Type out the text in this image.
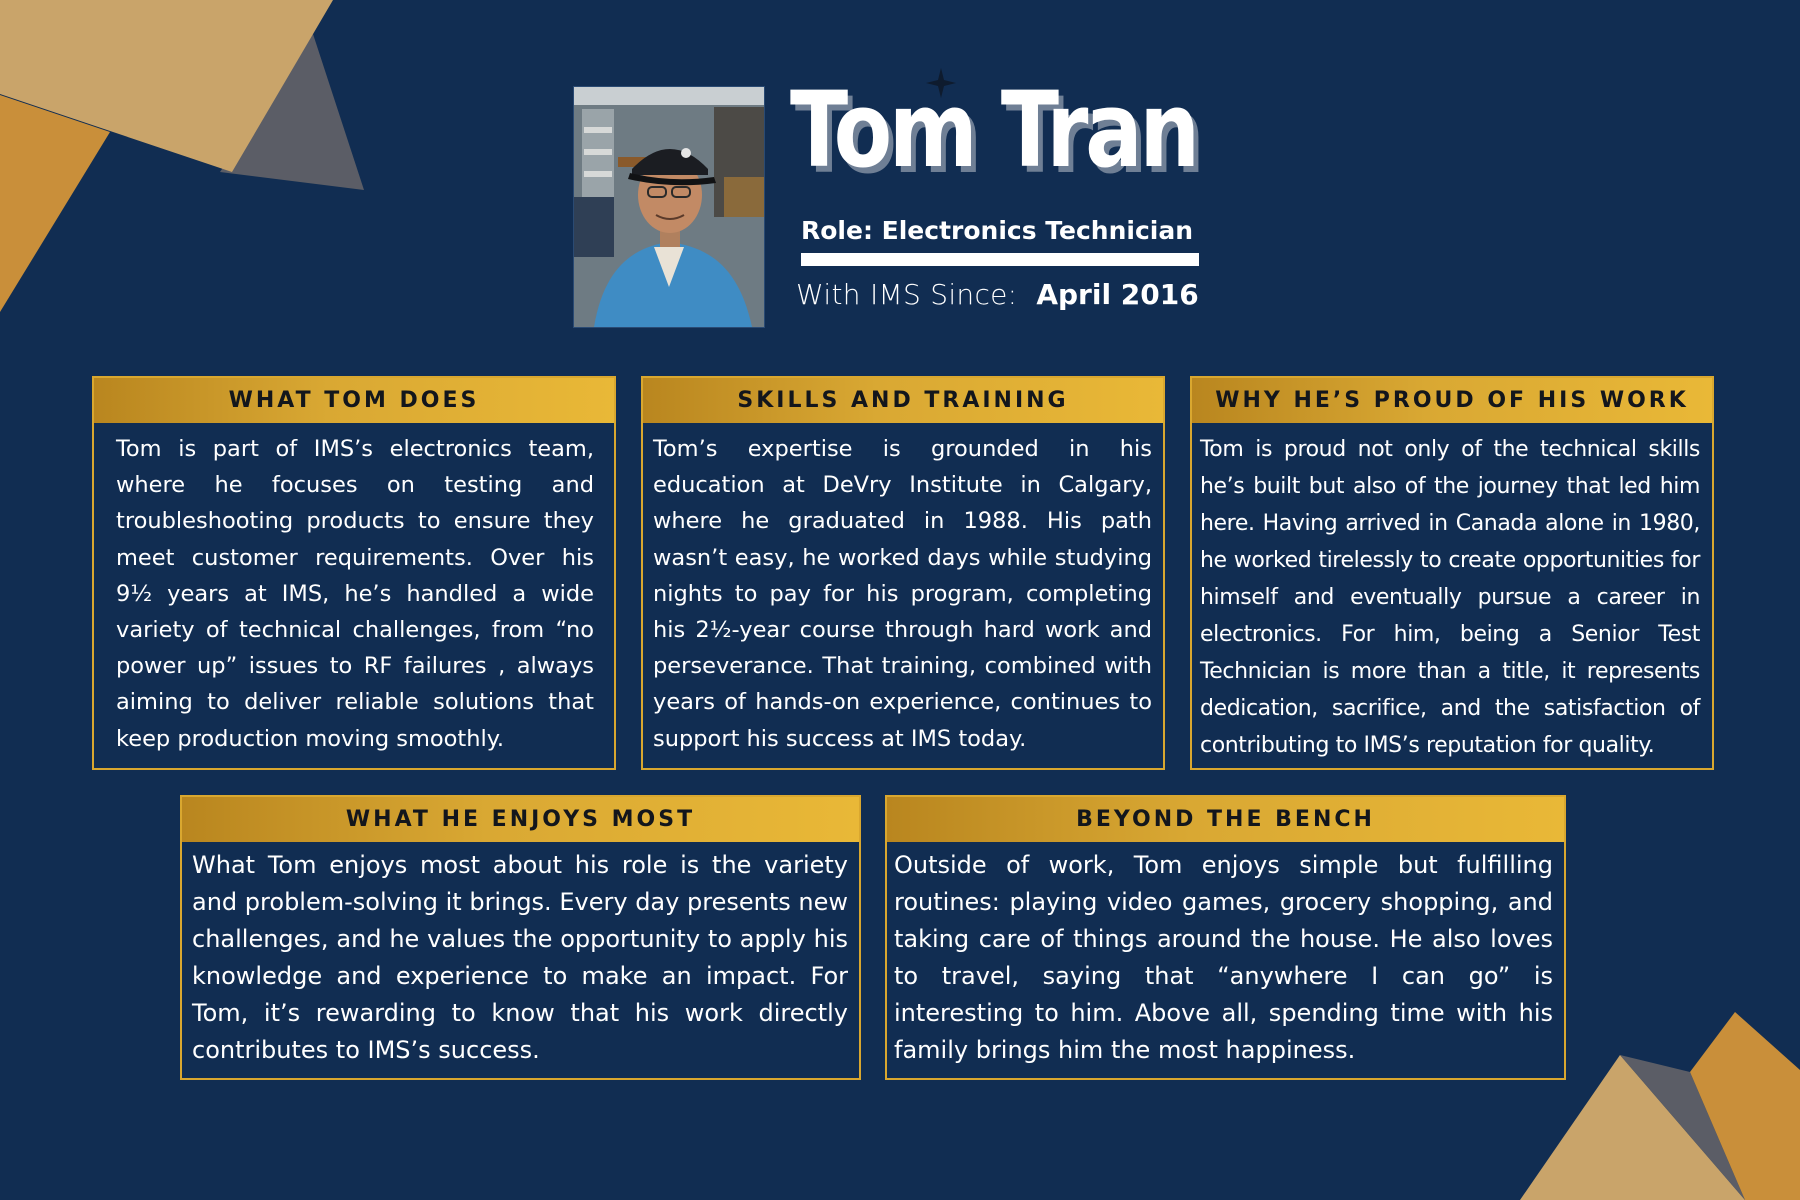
Tom Tran
Role: Electronics Technician
With IMS Since: April 2016
WHAT TOM DOES

Tom is part of IMS’s electronics team, where he focuses on testing and troubleshooting products to ensure they meet customer requirements. Over his 9½ years at IMS, he’s handled a wide variety of technical challenges, from “no power up” issues to RF failures , always aiming to deliver reliable solutions that keep production moving smoothly.

SKILLS AND TRAINING

Tom’s expertise is grounded in his education at DeVry Institute in Calgary, where he graduated in 1988. His path wasn’t easy, he worked days while studying nights to pay for his program, completing his 2½-year course through hard work and perseverance. That training, combined with years of hands-on experience, continues to support his success at IMS today.

WHY HE’S PROUD OF HIS WORK

Tom is proud not only of the technical skills he’s built but also of the journey that led him here. Having arrived in Canada alone in 1980, he worked tirelessly to create opportunities for himself and eventually pursue a career in electronics. For him, being a Senior Test Technician is more than a title, it represents dedication, sacrifice, and the satisfaction of contributing to IMS’s reputation for quality.

WHAT HE ENJOYS MOST

What Tom enjoys most about his role is the variety and problem-solving it brings. Every day presents new challenges, and he values the opportunity to apply his knowledge and experience to make an impact. For Tom, it’s rewarding to know that his work directly contributes to IMS’s success.

BEYOND THE BENCH

Outside of work, Tom enjoys simple but fulfilling routines: playing video games, grocery shopping, and taking care of things around the house. He also loves to travel, saying that “anywhere I can go” is interesting to him. Above all, spending time with his family brings him the most happiness.
